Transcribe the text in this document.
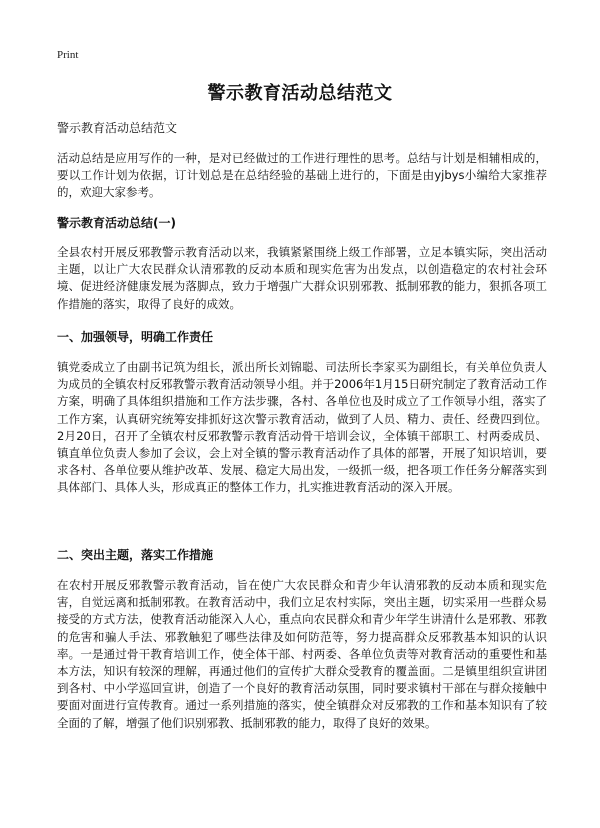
Print
警示教育活动总结范文
警示教育活动总结范文

活动总结是应用写作的一种，是对已经做过的工作进行理性的思考。总结与计划是相辅相成的，要以工作计划为依据，订计划总是在总结经验的基础上进行的，下面是由yjbys小编给大家推荐的，欢迎大家参考。

警示教育活动总结(一)

全县农村开展反邪教警示教育活动以来，我镇紧紧围绕上级工作部署，立足本镇实际，突出活动主题，以让广大农民群众认清邪教的反动本质和现实危害为出发点，以创造稳定的农村社会环境、促进经济健康发展为落脚点，致力于增强广大群众识别邪教、抵制邪教的能力，狠抓各项工作措施的落实，取得了良好的成效。

一、加强领导，明确工作责任

镇党委成立了由副书记筑为组长，派出所长刘锦聪、司法所长李家买为副组长，有关单位负责人为成员的全镇农村反邪教警示教育活动领导小组。并于2006年1月15日研究制定了教育活动工作方案，明确了具体组织措施和工作方法步骤，各村、各单位也及时成立了工作领导小组，落实了工作方案，认真研究统筹安排抓好这次警示教育活动，做到了人员、精力、责任、经费四到位。2月20日，召开了全镇农村反邪教警示教育活动骨干培训会议，全体镇干部职工、村两委成员、镇直单位负责人参加了会议，会上对全镇的警示教育活动作了具体的部署，开展了知识培训，要求各村、各单位要从维护改革、发展、稳定大局出发，一级抓一级，把各项工作任务分解落实到具体部门、具体人头，形成真正的整体工作力，扎实推进教育活动的深入开展。

二、突出主题，落实工作措施

在农村开展反邪教警示教育活动，旨在使广大农民群众和青少年认清邪教的反动本质和现实危害，自觉远离和抵制邪教。在教育活动中，我们立足农村实际，突出主题，切实采用一些群众易接受的方式方法，使教育活动能深入人心，重点向农民群众和青少年学生讲清什么是邪教、邪教的危害和骗人手法、邪教触犯了哪些法律及如何防范等，努力提高群众反邪教基本知识的认识率。一是通过骨干教育培训工作，使全体干部、村两委、各单位负责等对教育活动的重要性和基本方法，知识有较深的理解，再通过他们的宣传扩大群众受教育的覆盖面。二是镇里组织宣讲团到各村、中小学巡回宣讲，创造了一个良好的教育活动氛围，同时要求镇村干部在与群众接触中要面对面进行宣传教育。通过一系列措施的落实，使全镇群众对反邪教的工作和基本知识有了较全面的了解，增强了他们识别邪教、抵制邪教的能力，取得了良好的效果。
